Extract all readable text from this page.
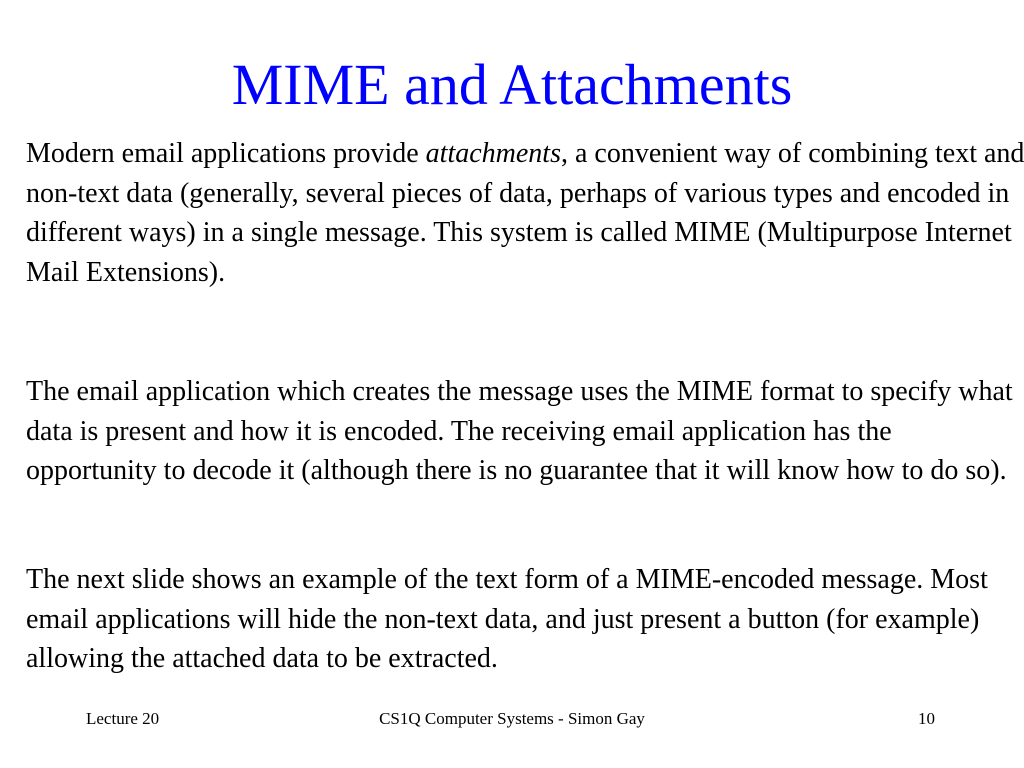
MIME and Attachments

Modern email applications provide attachments, a convenient way of combining text and non-text data (generally, several pieces of data, perhaps of various types and encoded in different ways) in a single message. This system is called MIME (Multipurpose Internet Mail Extensions).

The email application which creates the message uses the MIME format to specify what data is present and how it is encoded. The receiving email application has the opportunity to decode it (although there is no guarantee that it will know how to do so).

The next slide shows an example of the text form of a MIME-encoded message. Most email applications will hide the non-text data, and just present a button (for example) allowing the attached data to be extracted.

Lecture 20	CS1Q Computer Systems - Simon Gay	10
